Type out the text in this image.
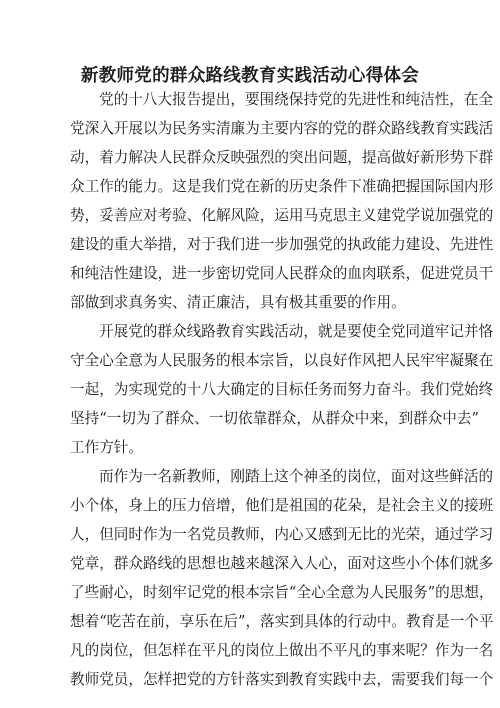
新教师党的群众路线教育实践活动心得体会
党的十八大报告提出，要围绕保持党的先进性和纯洁性，在全
党深入开展以为民务实清廉为主要内容的党的群众路线教育实践活
动，着力解决人民群众反映强烈的突出问题，提高做好新形势下群
众工作的能力。这是我们党在新的历史条件下准确把握国际国内形
势，妥善应对考验、化解风险，运用马克思主义建党学说加强党的
建设的重大举措，对于我们进一步加强党的执政能力建设、先进性
和纯洁性建设，进一步密切党同人民群众的血肉联系，促进党员干
部做到求真务实、清正廉洁，具有极其重要的作用。
开展党的群众线路教育实践活动，就是要使全党同道牢记并恪
守全心全意为人民服务的根本宗旨，以良好作风把人民牢牢凝聚在
一起，为实现党的十八大确定的目标任务而努力奋斗。我们党始终
坚持“一切为了群众、一切依靠群众，从群众中来，到群众中去”
工作方针。
而作为一名新教师，刚踏上这个神圣的岗位，面对这些鲜活的
小个体，身上的压力倍增，他们是祖国的花朵，是社会主义的接班
人，但同时作为一名党员教师，内心又感到无比的光荣，通过学习
党章，群众路线的思想也越来越深入人心，面对这些小个体们就多
了些耐心，时刻牢记党的根本宗旨“全心全意为人民服务”的思想，
想着“吃苦在前，享乐在后”，落实到具体的行动中。教育是一个平
凡的岗位，但怎样在平凡的岗位上做出不平凡的事来呢？作为一名
教师党员，怎样把党的方针落实到教育实践中去，需要我们每一个
